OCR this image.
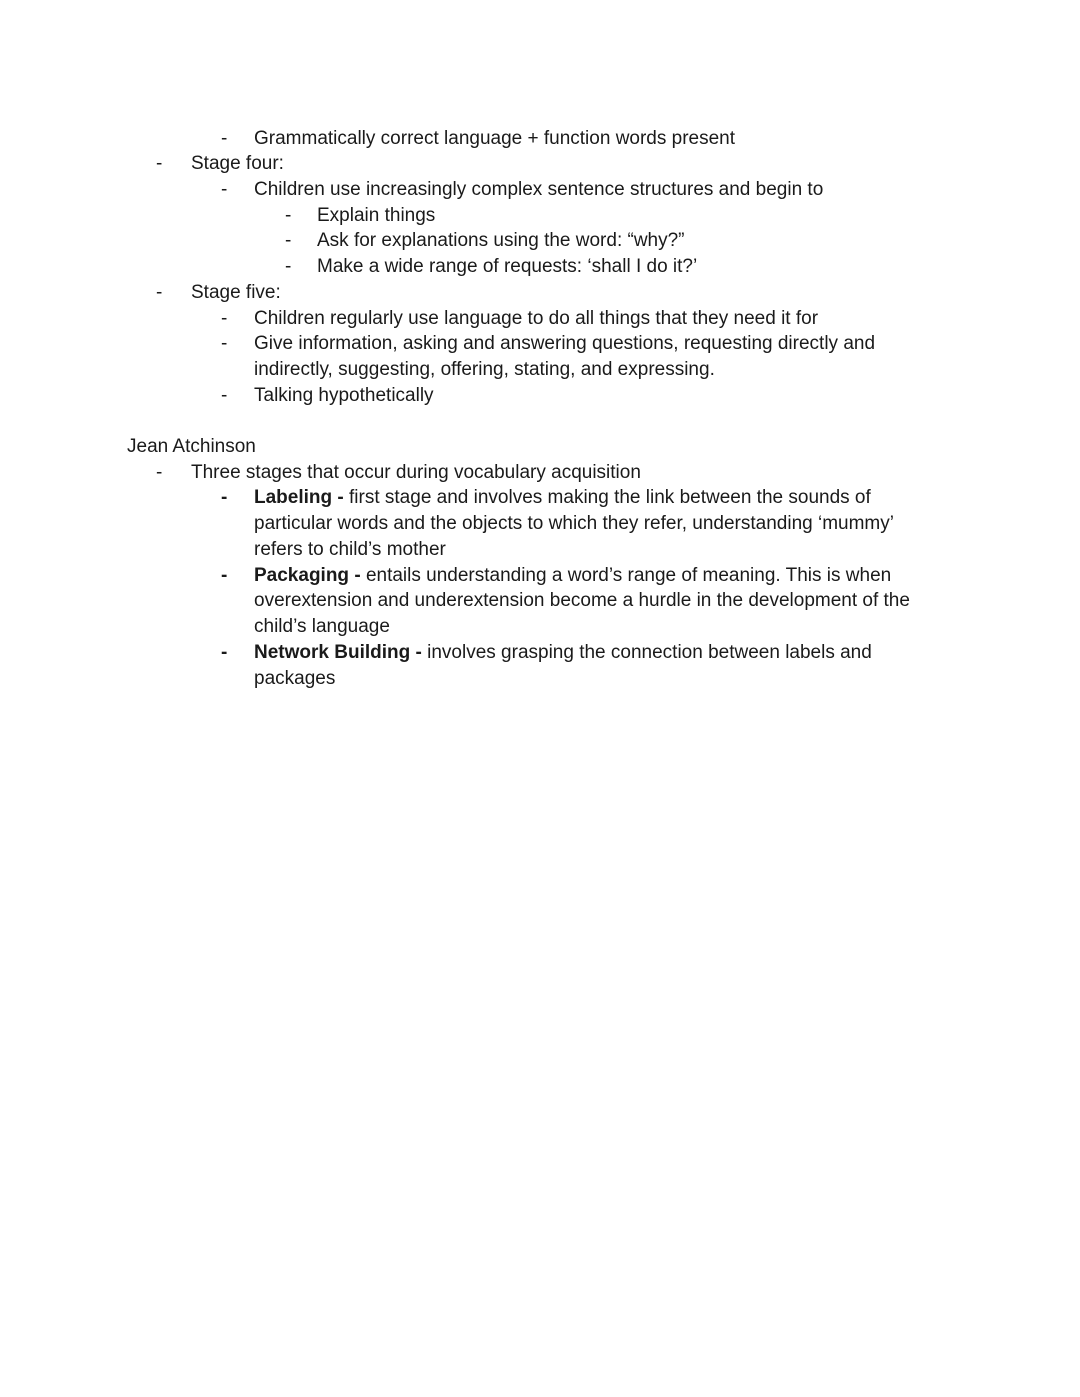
- Grammatically correct language + function words present
- Stage four:
- Children use increasingly complex sentence structures and begin to
- Explain things
- Ask for explanations using the word: “why?”
- Make a wide range of requests: ‘shall I do it?’
- Stage five:
- Children regularly use language to do all things that they need it for
- Give information, asking and answering questions, requesting directly and
indirectly, suggesting, offering, stating, and expressing.
- Talking hypothetically
Jean Atchinson
- Three stages that occur during vocabulary acquisition
- Labeling - first stage and involves making the link between the sounds of
particular words and the objects to which they refer, understanding ‘mummy’
refers to child’s mother
- Packaging - entails understanding a word’s range of meaning. This is when
overextension and underextension become a hurdle in the development of the
child’s language
- Network Building - involves grasping the connection between labels and
packages
